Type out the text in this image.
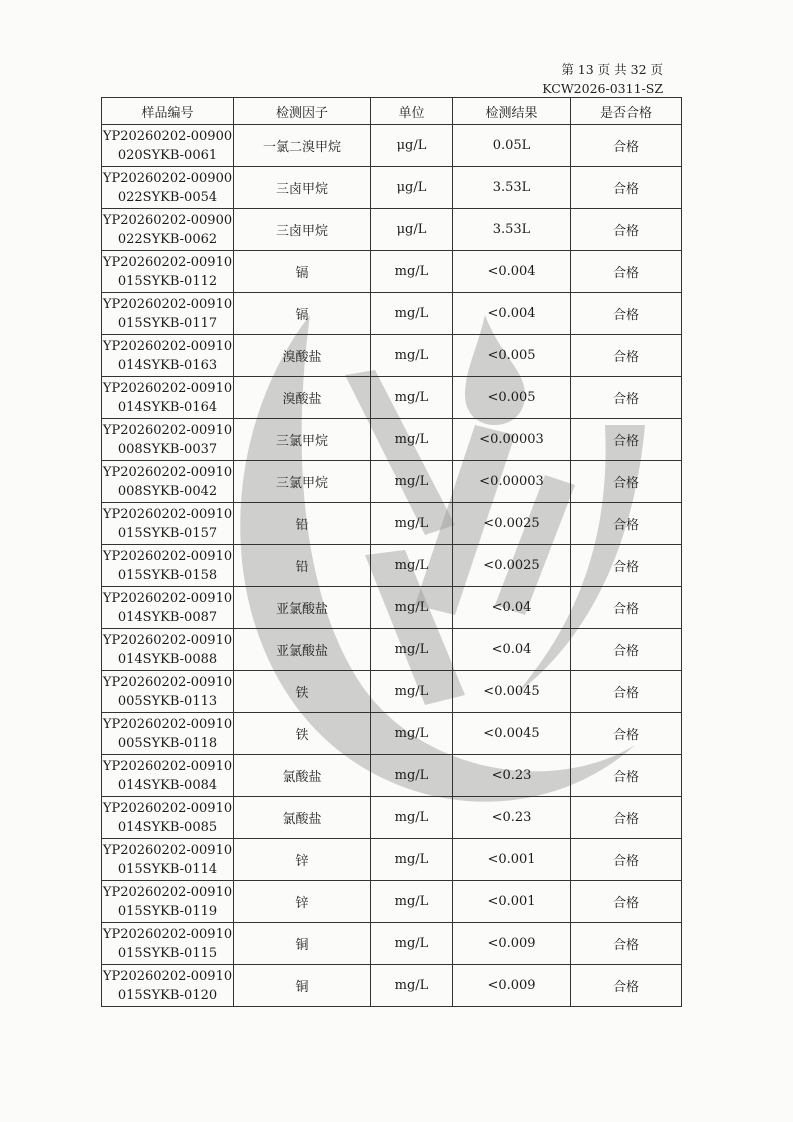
第 13 页 共 32 页
KCW2026-0311-SZ
样品编号	检测因子	单位	检测结果	是否合格

YP20260202-00900
020SYKB-0061	一氯二溴甲烷	μg/L	0.05L	合格

YP20260202-00900
022SYKB-0054	三卤甲烷	μg/L	3.53L	合格

YP20260202-00900
022SYKB-0062	三卤甲烷	μg/L	3.53L	合格

YP20260202-00910
015SYKB-0112	镉	mg/L	<0.004	合格

YP20260202-00910
015SYKB-0117	镉	mg/L	<0.004	合格

YP20260202-00910
014SYKB-0163	溴酸盐	mg/L	<0.005	合格

YP20260202-00910
014SYKB-0164	溴酸盐	mg/L	<0.005	合格

YP20260202-00910
008SYKB-0037	三氯甲烷	mg/L	<0.00003	合格

YP20260202-00910
008SYKB-0042	三氯甲烷	mg/L	<0.00003	合格

YP20260202-00910
015SYKB-0157	铅	mg/L	<0.0025	合格

YP20260202-00910
015SYKB-0158	铅	mg/L	<0.0025	合格

YP20260202-00910
014SYKB-0087	亚氯酸盐	mg/L	<0.04	合格

YP20260202-00910
014SYKB-0088	亚氯酸盐	mg/L	<0.04	合格

YP20260202-00910
005SYKB-0113	铁	mg/L	<0.0045	合格

YP20260202-00910
005SYKB-0118	铁	mg/L	<0.0045	合格

YP20260202-00910
014SYKB-0084	氯酸盐	mg/L	<0.23	合格

YP20260202-00910
014SYKB-0085	氯酸盐	mg/L	<0.23	合格

YP20260202-00910
015SYKB-0114	锌	mg/L	<0.001	合格

YP20260202-00910
015SYKB-0119	锌	mg/L	<0.001	合格

YP20260202-00910
015SYKB-0115	铜	mg/L	<0.009	合格

YP20260202-00910
015SYKB-0120	铜	mg/L	<0.009	合格
